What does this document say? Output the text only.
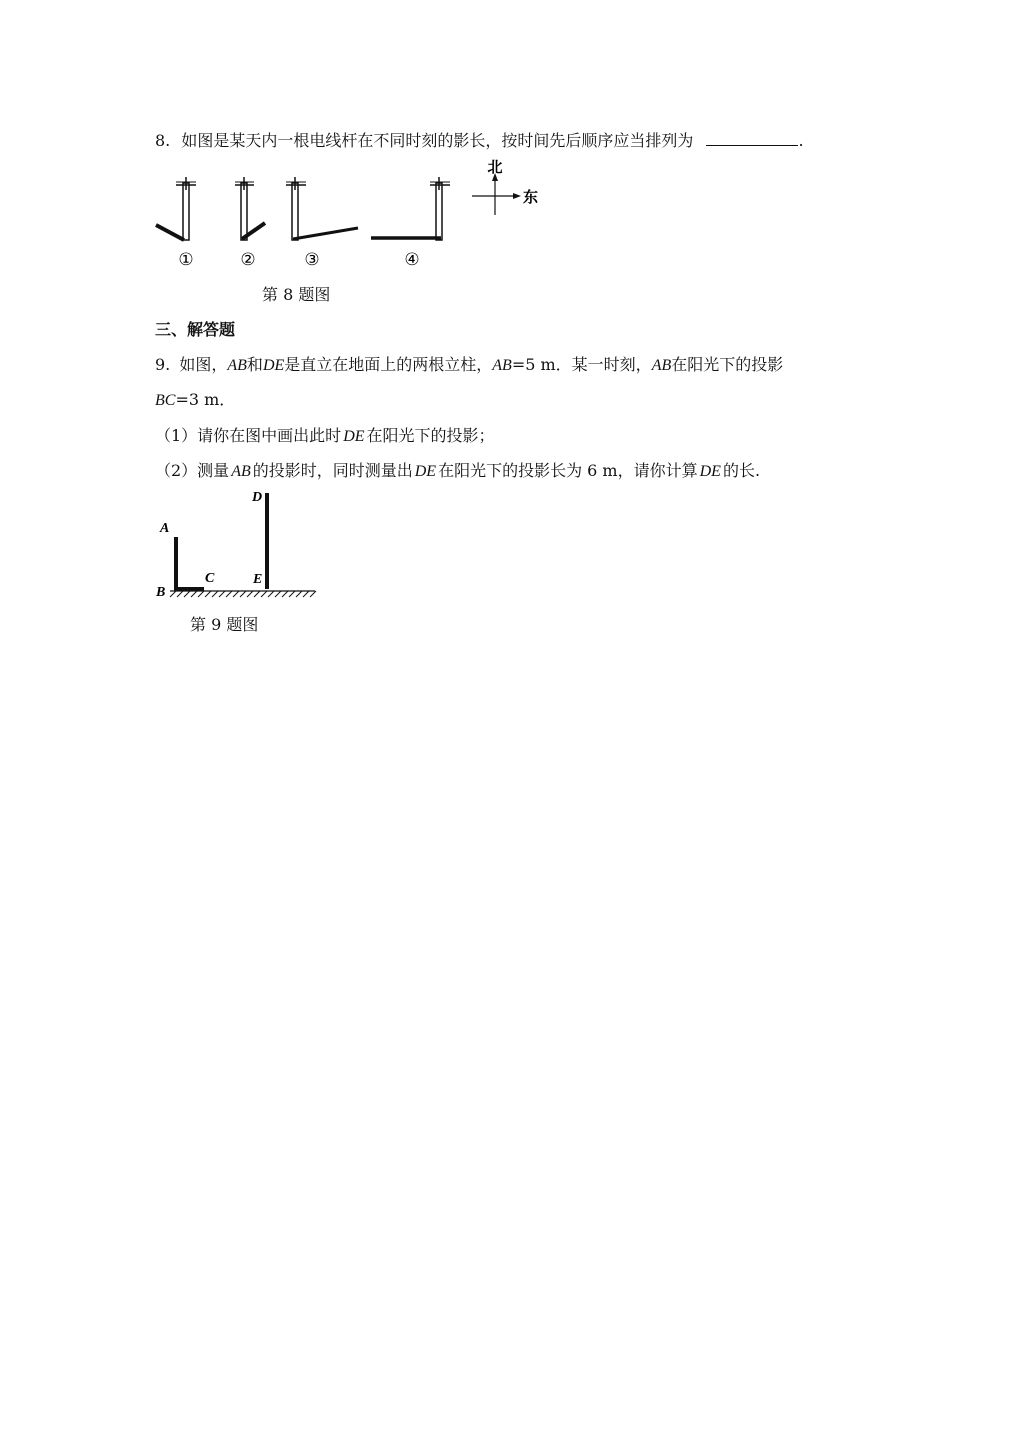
8. 如图是某天内一根电线杆在不同时刻的影长，按时间先后顺序应当排列为	.
①	②	③	④
北
东
第 8 题图
三、解答题
9. 如图，AB和DE是直立在地面上的两根立柱，AB=5 m．某一时刻，AB在阳光下的投影
BC=3 m．
（1）请你在图中画出此时 DE 在阳光下的投影；
（2）测量 AB 的投影时，同时测量出 DE 在阳光下的投影长为 6 m，请你计算 DE 的长.
A
B
C
D
E
第 9 题图
